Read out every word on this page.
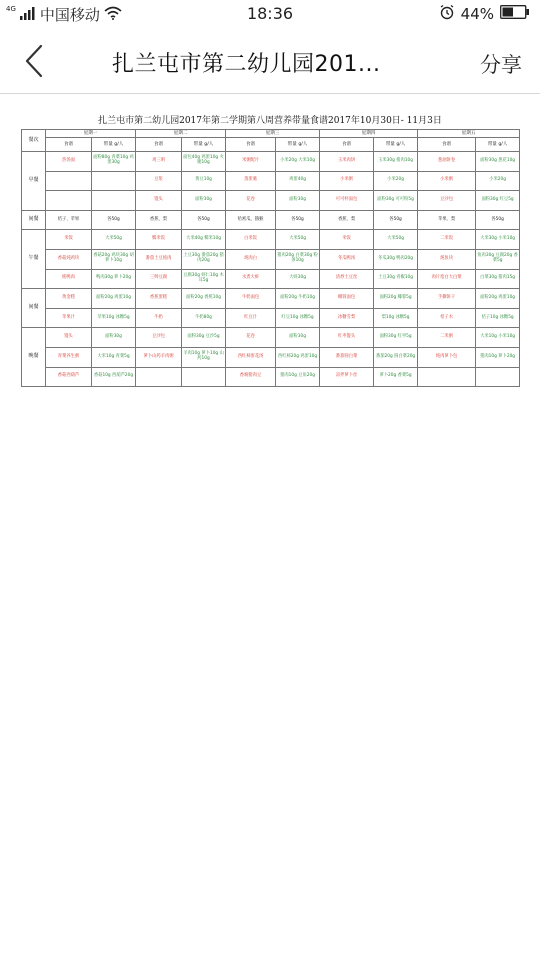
4G 中国移动	18:36	44%
扎兰屯市第二幼儿园201...	分享
扎兰屯市第二幼儿园2017年第二学期第八周营养带量食谱2017年10月30日- 11月3日
餐次	星期一		星期二		星期三		星期四		星期五	
	食谱	带量 g/人	食谱	带量 g/人	食谱	带量 g/人	食谱	带量 g/人	食谱	带量 g/人
早餐	热汤面	面粉80g 青菜10g 鸡蛋30g	鸡三明	面包40g 鸡蛋10g 火腿10g	米粥配片	小米20g 大米10g	玉米肉饼	玉米30g 猪肉10g	葱油饼卷	面粉30g 葱花10g
			豆浆	黄豆10g	蒸蛋羹	鸡蛋40g	小米粥	小米20g	小米粥	小米20g
			馒头	面粉30g	花卷	面粉30g	可可杯面包	面粉30g 可可粉5g	豆沙包	面粉30g 红豆5g
间餐	桔子、苹果	各50g	香蕉、梨	各50g	哈密瓜、猕猴	各50g	香蕉、梨	各50g	苹果、梨	各50g
午餐	米饭	大米50g	糯米饭	大米40g 糯米10g	白米饭	大米50g	米饭	大米50g	二米饭	大米30g 小米10g
	香菇炖鸡块	香菇20g 鸡块30g 胡萝卜10g	番茄土豆炖肉	土豆30g 番茄20g 猪肉20g	炖肉白	猪肉20g 白菜30g 粉条10g	冬瓜鸭汤	冬瓜30g 鸭肉20g	炖鱼块	鱼肉30g 豆腐20g 香菜5g
	炖鸭肉	鸭肉30g 萝卜20g	三鲜豆腐	豆腐30g 虾仁10g 木耳5g	水煮大虾	大虾30g	清炒土豆丝	土豆30g 青椒10g	肉片烩白大白菜	白菜30g 猪肉15g
间餐	黄金糕	面粉20g 鸡蛋10g	香蕉蛋糕	面粉20g 香蕉10g	牛奶面包	面粉20g 牛奶10g	椰蓉面包	面粉20g 椰蓉5g	手撕饼干	面粉20g 鸡蛋10g
	苹果汁	苹果10g 冰糖5g	牛奶	牛奶80g	红豆汁	红豆10g 冰糖5g	冰糖雪梨	梨10g 冰糖5g	桔子水	桔子10g 冰糖5g
晚餐	馒头	面粉30g	豆沙包	面粉30g 豆沙5g	花卷	面粉30g	红枣馒头	面粉30g 红枣5g	二米粥	大米10g 小米10g
	青菜养生粥	大米10g 青菜5g	萝卜山药羊肉粥	羊肉10g 萝卜10g 山药10g	西红柿蛋花汤	西红柿20g 鸡蛋10g	番茄圆白菜	番茄20g 圆白菜20g	炖肉萝卜包	猪肉10g 萝卜20g
	香菇西葫芦	香菇10g 西葫芦20g			香焖猪肉豆	猪肉10g 豆角20g	凉拌萝卜丝	萝卜20g 香菜5g		
